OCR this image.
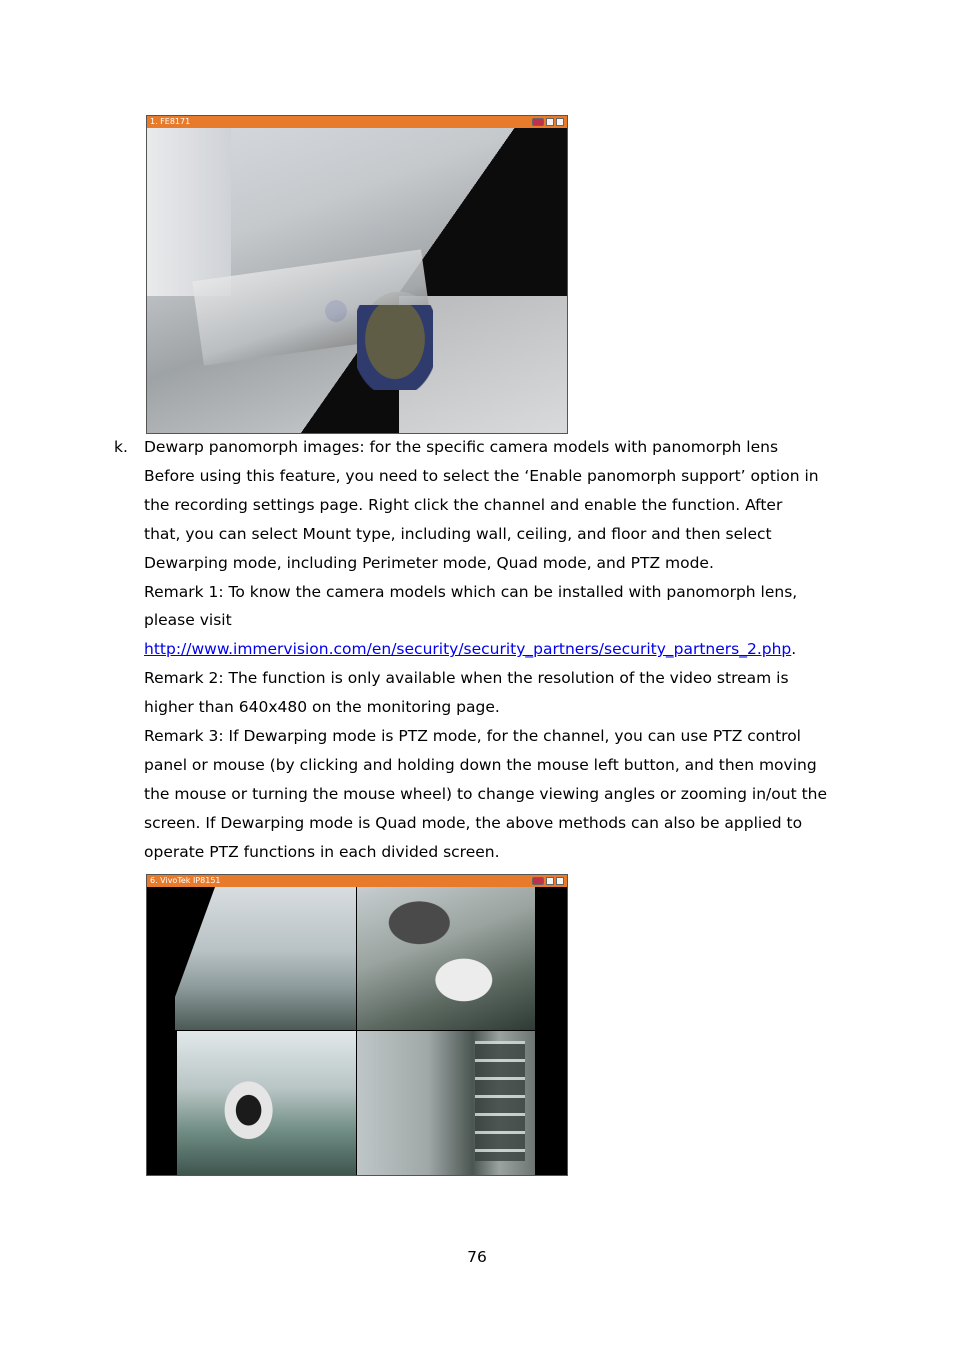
1. FE8171
k. Dewarp panomorph images: for the specific camera models with panomorph lens

Before using this feature, you need to select the ‘Enable panomorph support’ option in

the recording settings page. Right click the channel and enable the function. After

that, you can select Mount type, including wall, ceiling, and floor and then select

Dewarping mode, including Perimeter mode, Quad mode, and PTZ mode.

Remark 1: To know the camera models which can be installed with panomorph lens,

please visit

http://www.immervision.com/en/security/security_partners/security_partners_2.php.

Remark 2: The function is only available when the resolution of the video stream is

higher than 640x480 on the monitoring page.

Remark 3: If Dewarping mode is PTZ mode, for the channel, you can use PTZ control

panel or mouse (by clicking and holding down the mouse left button, and then moving

the mouse or turning the mouse wheel) to change viewing angles or zooming in/out the

screen. If Dewarping mode is Quad mode, the above methods can also be applied to

operate PTZ functions in each divided screen.

6. VivoTek IP8151
76
